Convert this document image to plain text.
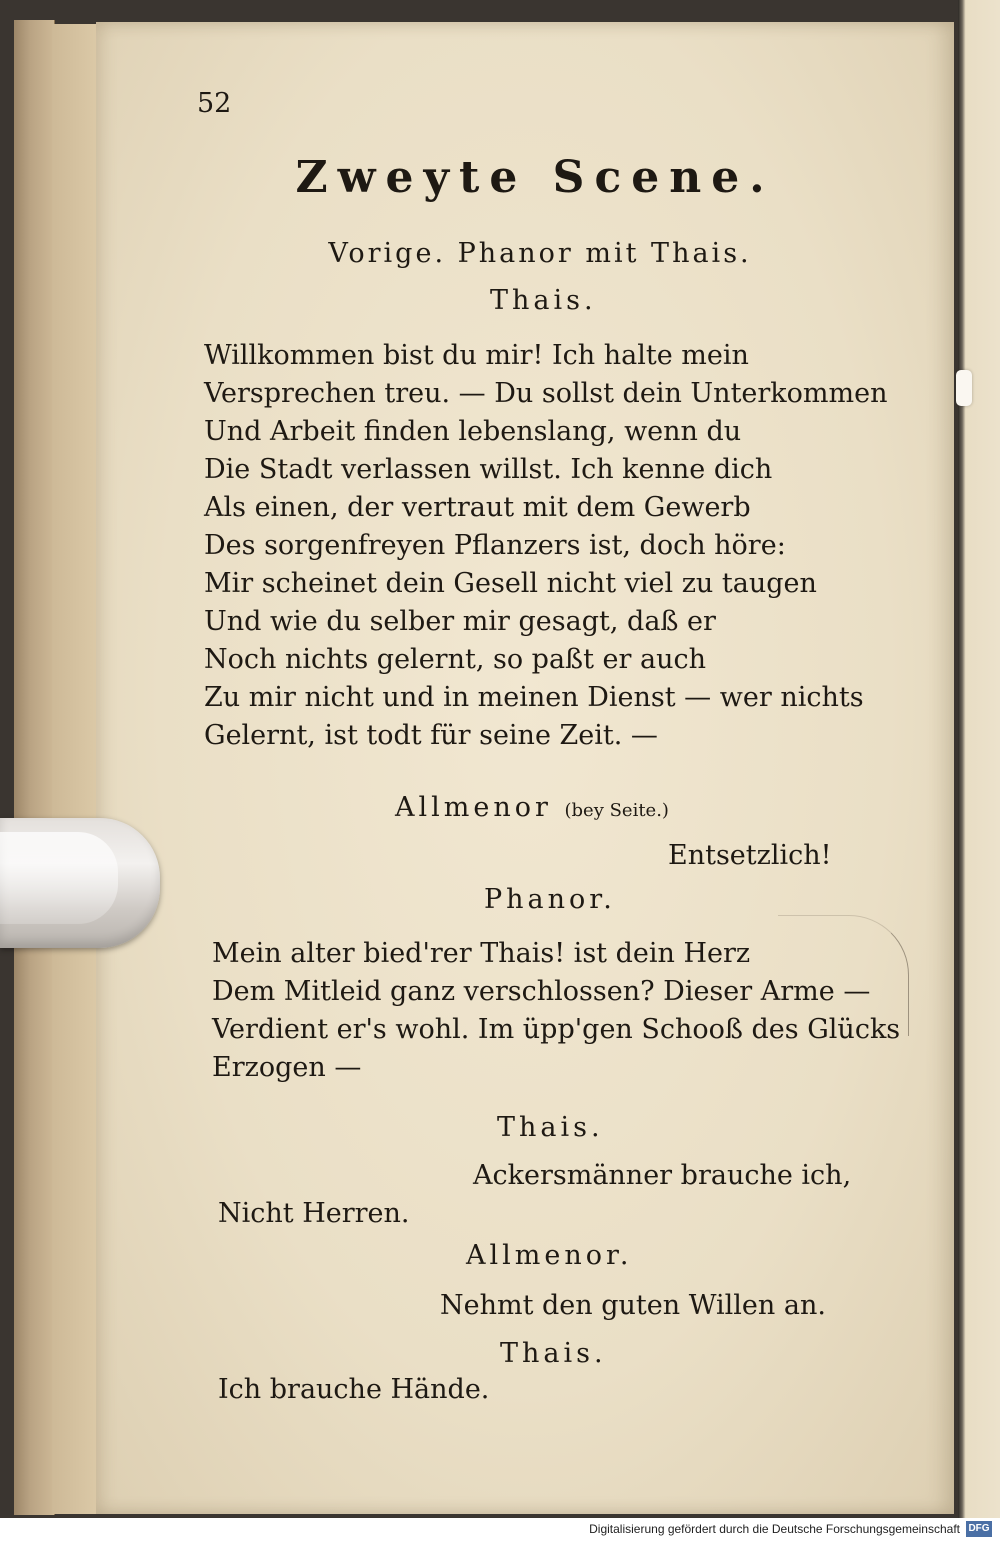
52
Zweyte Scene.
Vorige. Phanor mit Thais.
Thais.
Willkommen bist du mir! Ich halte mein
Versprechen treu. — Du sollst dein Unterkommen
Und Arbeit finden lebenslang, wenn du
Die Stadt verlassen willst. Ich kenne dich
Als einen, der vertraut mit dem Gewerb
Des sorgenfreyen Pflanzers ist, doch höre:
Mir scheinet dein Gesell nicht viel zu taugen
Und wie du selber mir gesagt, daß er
Noch nichts gelernt, so paßt er auch
Zu mir nicht und in meinen Dienst — wer nichts
Gelernt, ist todt für seine Zeit. —
Allmenor (bey Seite.)
Entsetzlich!
Phanor.
Mein alter bied'rer Thais! ist dein Herz
Dem Mitleid ganz verschlossen? Dieser Arme —
Verdient er's wohl. Im üpp'gen Schooß des Glücks
Erzogen —
Thais.
Ackersmänner brauche ich,
Nicht Herren.
Allmenor.
Nehmt den guten Willen an.
Thais.
Ich brauche Hände.
Digitalisierung gefördert durch die Deutsche Forschungsgemeinschaft DFG
